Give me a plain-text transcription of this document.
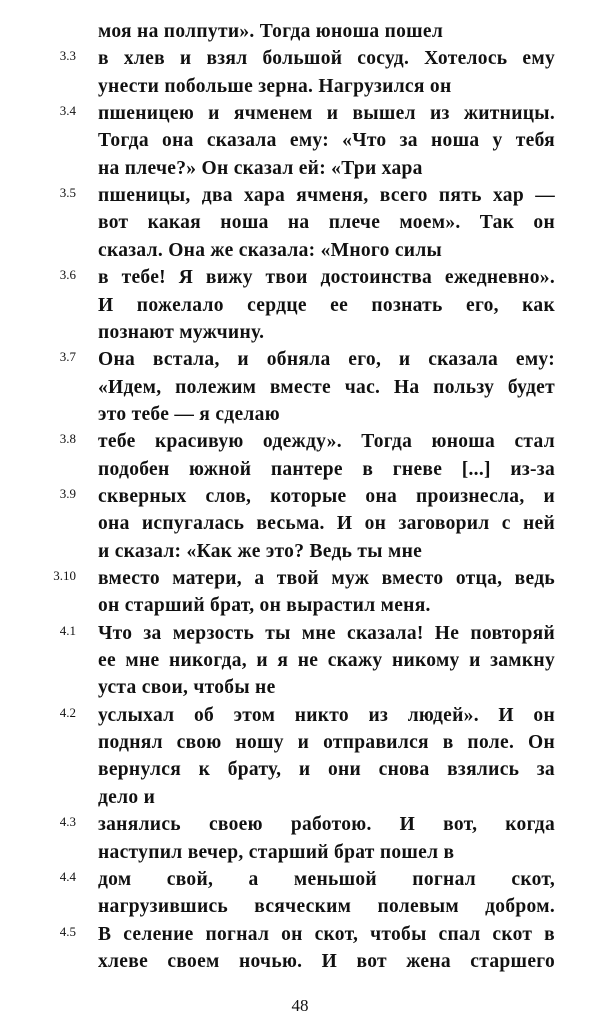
моя на полпути». Тогда юноша пошел
в хлев и взял большой сосуд. Хотелось ему
3.3
унести побольше зерна. Нагрузился он
пшеницею и ячменем и вышел из житницы.
3.4
Тогда она сказала ему: «Что за ноша у тебя
на плече?» Он сказал ей: «Три хара
пшеницы, два хара ячменя, всего пять хар —
3.5
вот какая ноша на плече моем». Так он
сказал. Она же сказала: «Много силы
в тебе! Я вижу твои достоинства ежедневно».
3.6
И пожелало сердце ее познать его, как
познают мужчину.
Она встала, и обняла его, и сказала ему:
3.7
«Идем, полежим вместе час. На пользу будет
это тебе — я сделаю
тебе красивую одежду». Тогда юноша стал
3.8
подобен южной пантере в гневе [...] из-за
скверных слов, которые она произнесла, и
3.9
она испугалась весьма. И он заговорил с ней
и сказал: «Как же это? Ведь ты мне
вместо матери, а твой муж вместо отца, ведь
3.10
он старший брат, он вырастил меня.
Что за мерзость ты мне сказала! Не повторяй
4.1
ее мне никогда, и я не скажу никому и замкну
уста свои, чтобы не
услыхал об этом никто из людей». И он
4.2
поднял свою ношу и отправился в поле. Он
вернулся к брату, и они снова взялись за
дело и
занялись своею работою. И вот, когда
4.3
наступил вечер, старший брат пошел в
дом свой, а меньшой погнал скот,
4.4
нагрузившись всяческим полевым добром.
В селение погнал он скот, чтобы спал скот в
4.5
хлеве своем ночью. И вот жена старшего
48
